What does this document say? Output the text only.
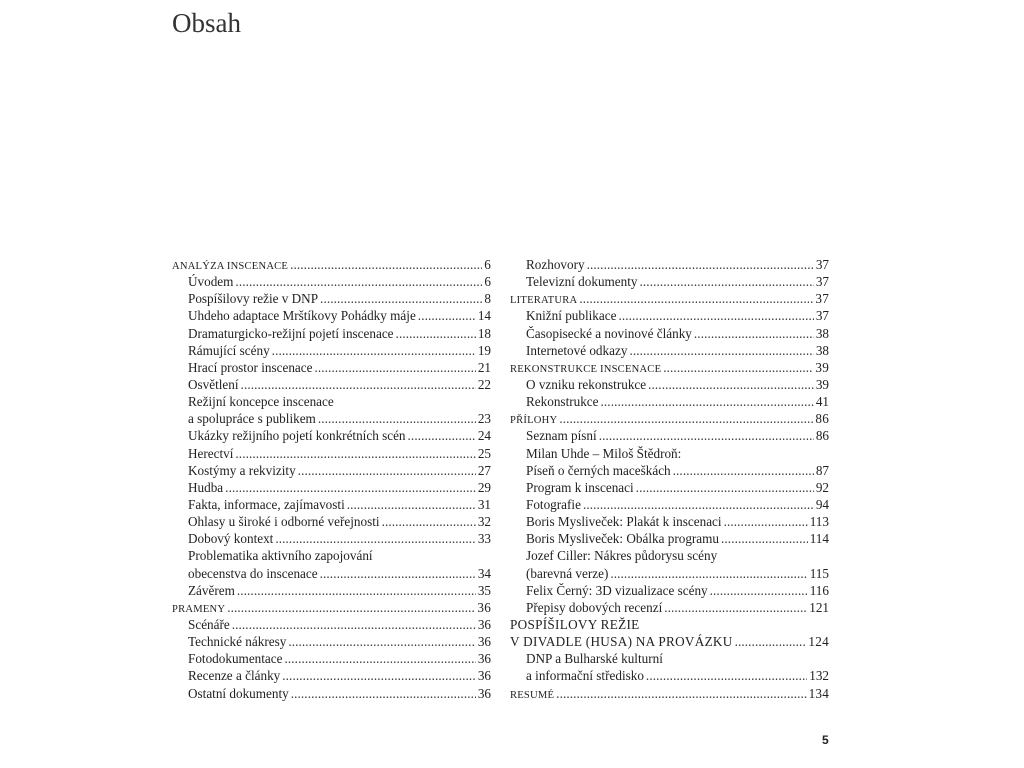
Obsah
ANALÝZA INSCENACE . . .	6
Úvodem . . .	6
Pospíšilovy režie v DNP . . .	8
Uhdeho adaptace Mrštíkovy Pohádky máje . . .	14
Dramaturgicko-režijní pojetí inscenace . . .	18
Rámující scény . . .	19
Hrací prostor inscenace . . .	21
Osvětlení . . .	22
Režijní koncepce inscenace
a spolupráce s publikem . . .	23
Ukázky režijního pojetí konkrétních scén . . .	24
Herectví . . .	25
Kostýmy a rekvizity . . .	27
Hudba . . .	29
Fakta, informace, zajímavosti . . .	31
Ohlasy u široké i odborné veřejnosti . . .	32
Dobový kontext . . .	33
Problematika aktivního zapojování
obecenstva do inscenace . . .	34
Závěrem . . .	35
PRAMENY . . .	36
Scénáře . . .	36
Technické nákresy . . .	36
Fotodokumentace . . .	36
Recenze a články . . .	36
Ostatní dokumenty . . .	36
Rozhovory . . .	37
Televizní dokumenty . . .	37
LITERATURA . . .	37
Knižní publikace . . .	37
Časopisecké a novinové články . . .	38
Internetové odkazy . . .	38
REKONSTRUKCE INSCENACE . . .	39
O vzniku rekonstrukce . . .	39
Rekonstrukce . . .	41
PŘÍLOHY . . .	86
Seznam písní . . .	86
Milan Uhde – Miloš Štědroň:
Píseň o černých maceškách . . .	87
Program k inscenaci . . .	92
Fotografie . . .	94
Boris Mysliveček: Plakát k inscenaci . . .	113
Boris Mysliveček: Obálka programu . . .	114
Jozef Ciller: Nákres půdorysu scény
(barevná verze) . . .	115
Felix Černý: 3D vizualizace scény . . .	116
Přepisy dobových recenzí . . .	121
POSPÍŠILOVY REŽIE
V DIVADLE (HUSA) NA PROVÁZKU . . .	124
DNP a Bulharské kulturní
a informační středisko . . .	132
RESUMÉ . . .	134
5
